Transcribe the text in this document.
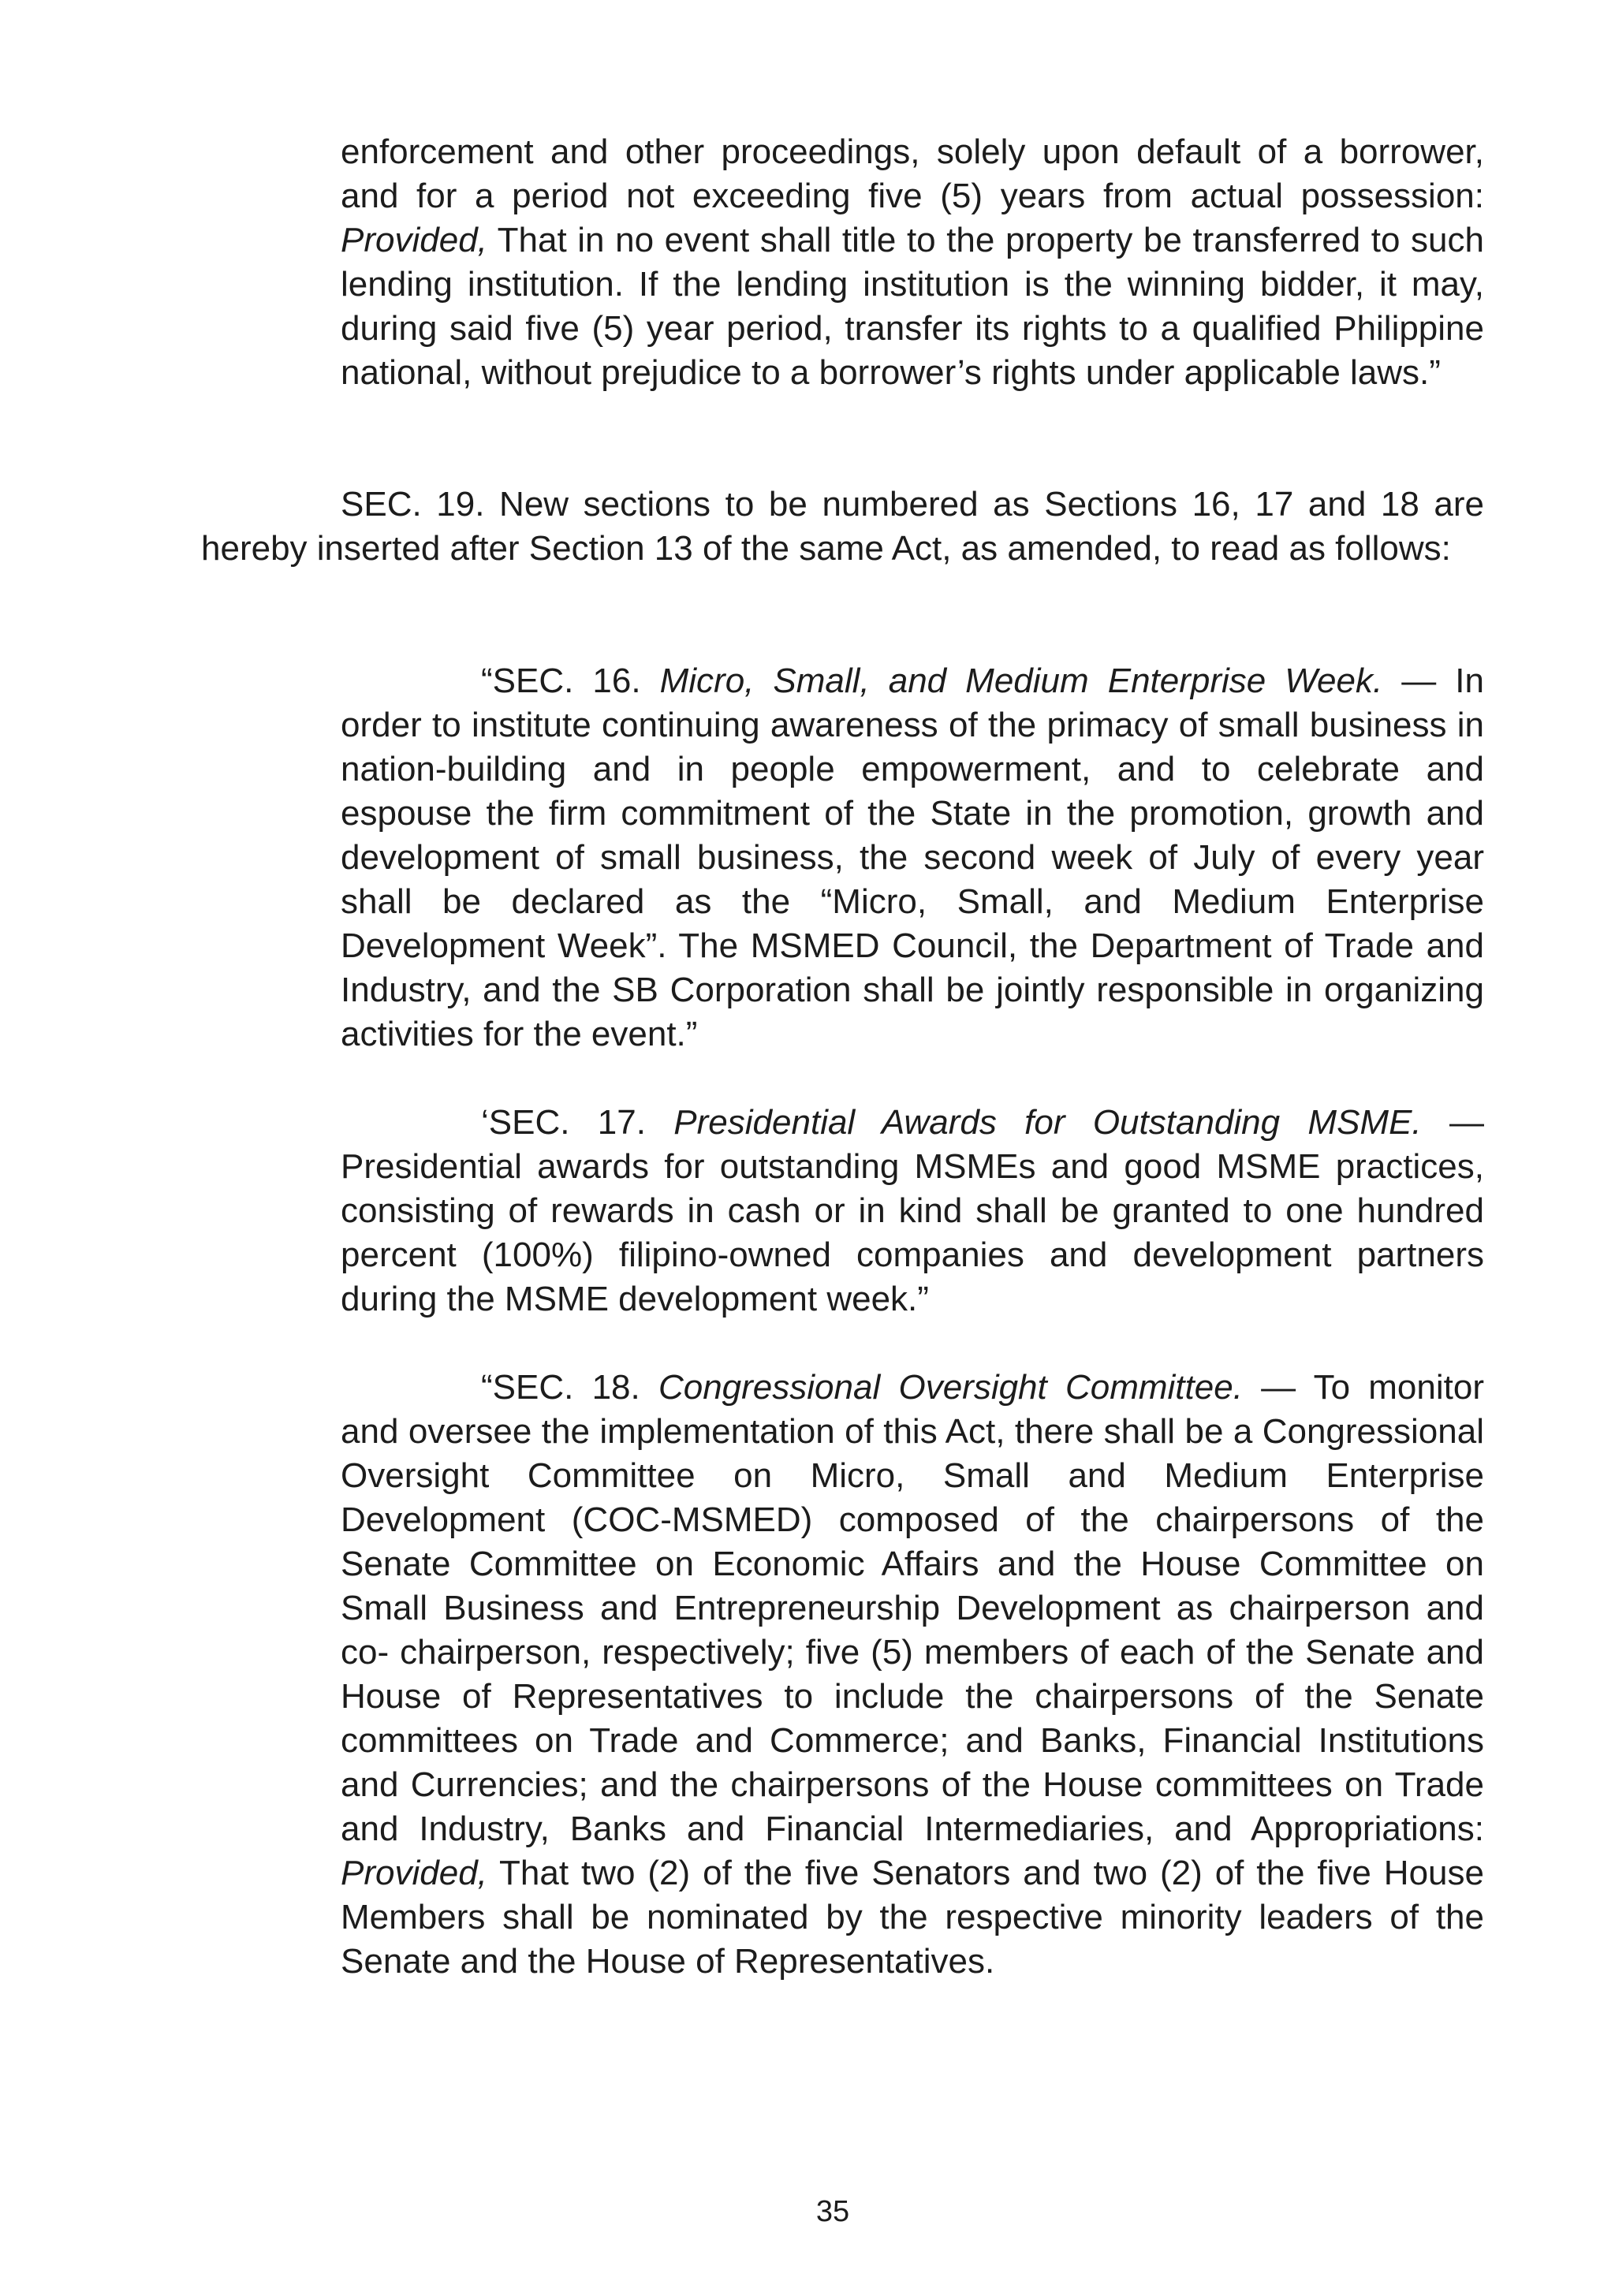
enforcement and other proceedings, solely upon default of a borrower, and for a period not exceeding five (5) years from actual possession: Provided, That in no event shall title to the property be transferred to such lending institution. If the lending institution is the winning bidder, it may, during said five (5) year period, transfer its rights to a qualified Philippine national, without prejudice to a borrower’s rights under applicable laws.”

SEC. 19. New sections to be numbered as Sections 16, 17 and 18 are hereby inserted after Section 13 of the same Act, as amended, to read as follows:

“SEC. 16. Micro, Small, and Medium Enterprise Week. — In order to institute continuing awareness of the primacy of small business in nation-building and in people empowerment, and to celebrate and espouse the firm commitment of the State in the promotion, growth and development of small business, the second week of July of every year shall be declared as the “Micro, Small, and Medium Enterprise Development Week”. The MSMED Council, the Department of Trade and Industry, and the SB Corporation shall be jointly responsible in organizing activities for the event.”

‘SEC. 17. Presidential Awards for Outstanding MSME. — Presidential awards for outstanding MSMEs and good MSME practices, consisting of rewards in cash or in kind shall be granted to one hundred percent (100%) filipino-owned companies and development partners during the MSME development week.”

“SEC. 18. Congressional Oversight Committee. — To monitor and oversee the implementation of this Act, there shall be a Congressional Oversight Committee on Micro, Small and Medium Enterprise Development (COC-MSMED) composed of the chairpersons of the Senate Committee on Economic Affairs and the House Committee on Small Business and Entrepreneurship Development as chairperson and co- chairperson, respectively; five (5) members of each of the Senate and House of Representatives to include the chairpersons of the Senate committees on Trade and Commerce; and Banks, Financial Institutions and Currencies; and the chairpersons of the House committees on Trade and Industry, Banks and Financial Intermediaries, and Appropriations: Provided, That two (2) of the five Senators and two (2) of the five House Members shall be nominated by the respective minority leaders of the Senate and the House of Representatives.

35
